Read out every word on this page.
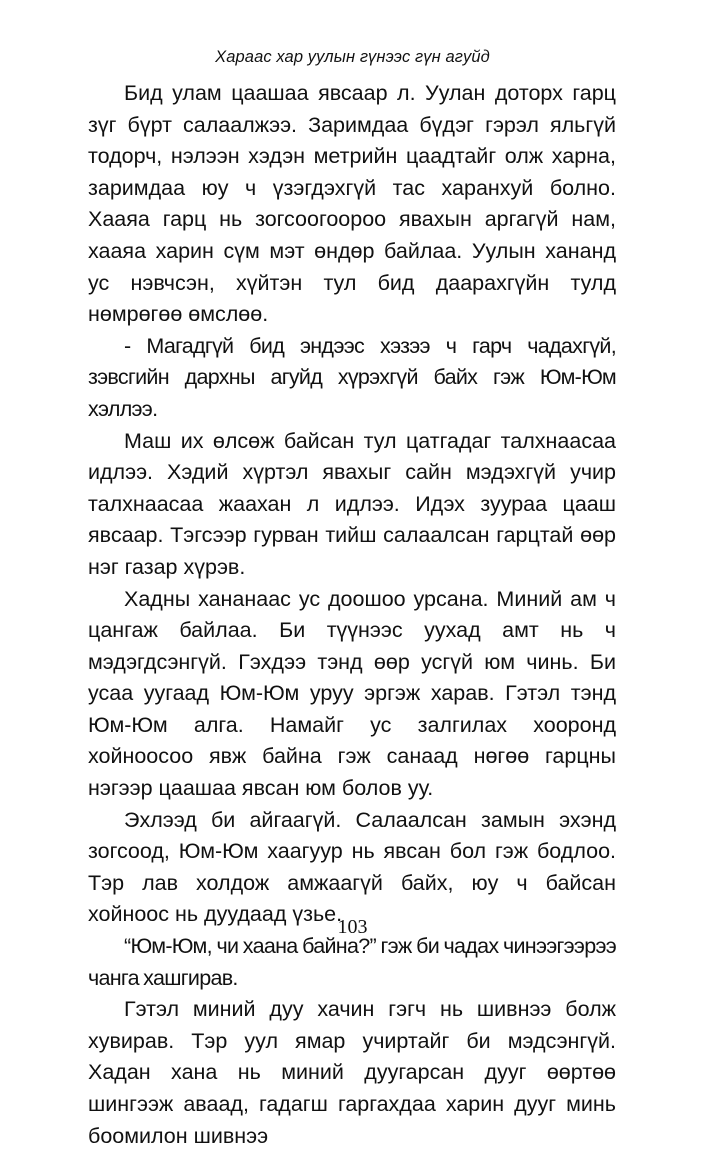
Хараас хар уулын гүнээс гүн агуйд

Бид улам цаашаа явсаар л. Уулан доторх гарц зүг бүрт салаалжээ. Заримдаа бүдэг гэрэл яльгүй тодорч, нэлээн хэдэн метрийн цаадтайг олж харна, заримдаа юу ч үзэгдэхгүй тас харанхуй болно. Хааяа гарц нь зогсоогоороо явахын аргагүй нам, хааяа харин сүм мэт өндөр байлаа. Уулын хананд ус нэвчсэн, хүйтэн тул бид даарахгүйн тулд нөмрөгөө өмслөө.

- Магадгүй бид эндээс хэзээ ч гарч чадахгүй, зэвсгийн дархны агуйд хүрэхгүй байх гэж Юм-Юм хэллээ.

Маш их өлсөж байсан тул цатгадаг талхнаасаа идлээ. Хэдий хүртэл явахыг сайн мэдэхгүй учир талхнаасаа жаахан л идлээ. Идэх зуураа цааш явсаар. Тэгсээр гурван тийш салаалсан гарцтай өөр нэг газар хүрэв.

Хадны хананаас ус доошоо урсана. Миний ам ч цангаж байлаа. Би түүнээс уухад амт нь ч мэдэгдсэнгүй. Гэхдээ тэнд өөр усгүй юм чинь. Би усаа уугаад Юм-Юм уруу эргэж харав. Гэтэл тэнд Юм-Юм алга. Намайг ус залгилах хооронд хойноосоо явж байна гэж санаад нөгөө гарцны нэгээр цаашаа явсан юм болов уу.

Эхлээд би айгаагүй. Салаалсан замын эхэнд зогсоод, Юм-Юм хаагуур нь явсан бол гэж бодлоо. Тэр лав холдож амжаагүй байх, юу ч байсан хойноос нь дуудаад үзье.

“Юм-Юм, чи хаана байна?” гэж би чадах чинээгээрээ чанга хашгирав.

Гэтэл миний дуу хачин гэгч нь шивнээ болж хувирав. Тэр уул ямар учиртайг би мэдсэнгүй. Хадан хана нь миний дуугарсан дууг өөртөө шингээж аваад, гадагш гаргахдаа харин дууг минь боомилон шивнээ

103
